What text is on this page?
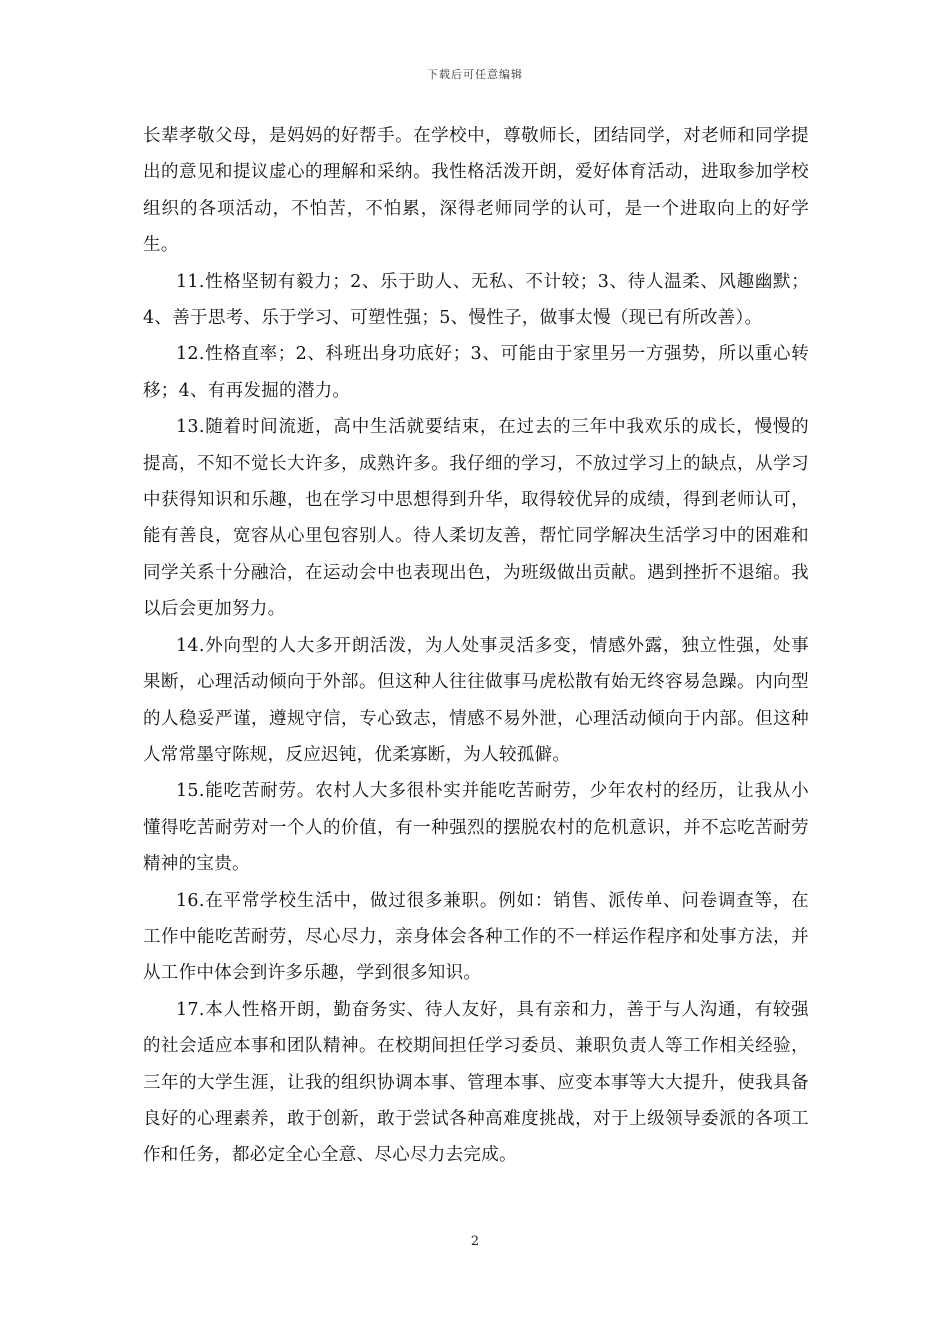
下载后可任意编辑

长辈孝敬父母，是妈妈的好帮手。在学校中，尊敬师长，团结同学，对老师和同学提出的意见和提议虚心的理解和采纳。我性格活泼开朗，爱好体育活动，进取参加学校组织的各项活动，不怕苦，不怕累，深得老师同学的认可，是一个进取向上的好学生。

11.性格坚韧有毅力；2、乐于助人、无私、不计较；3、待人温柔、风趣幽默；4、善于思考、乐于学习、可塑性强；5、慢性子，做事太慢（现已有所改善）。

12.性格直率；2、科班出身功底好；3、可能由于家里另一方强势，所以重心转移；4、有再发掘的潜力。

13.随着时间流逝，高中生活就要结束，在过去的三年中我欢乐的成长，慢慢的提高，不知不觉长大许多，成熟许多。我仔细的学习，不放过学习上的缺点，从学习中获得知识和乐趣，也在学习中思想得到升华，取得较优异的成绩，得到老师认可，能有善良，宽容从心里包容别人。待人柔切友善，帮忙同学解决生活学习中的困难和同学关系十分融洽，在运动会中也表现出色，为班级做出贡献。遇到挫折不退缩。我以后会更加努力。

14.外向型的人大多开朗活泼，为人处事灵活多变，情感外露，独立性强，处事果断，心理活动倾向于外部。但这种人往往做事马虎松散有始无终容易急躁。内向型的人稳妥严谨，遵规守信，专心致志，情感不易外泄，心理活动倾向于内部。但这种人常常墨守陈规，反应迟钝，优柔寡断，为人较孤僻。

15.能吃苦耐劳。农村人大多很朴实并能吃苦耐劳，少年农村的经历，让我从小懂得吃苦耐劳对一个人的价值，有一种强烈的摆脱农村的危机意识，并不忘吃苦耐劳精神的宝贵。

16.在平常学校生活中，做过很多兼职。例如：销售、派传单、问卷调查等，在工作中能吃苦耐劳，尽心尽力，亲身体会各种工作的不一样运作程序和处事方法，并从工作中体会到许多乐趣，学到很多知识。

17.本人性格开朗，勤奋务实、待人友好，具有亲和力，善于与人沟通，有较强的社会适应本事和团队精神。在校期间担任学习委员、兼职负责人等工作相关经验，三年的大学生涯，让我的组织协调本事、管理本事、应变本事等大大提升，使我具备良好的心理素养，敢于创新，敢于尝试各种高难度挑战，对于上级领导委派的各项工作和任务，都必定全心全意、尽心尽力去完成。

2
